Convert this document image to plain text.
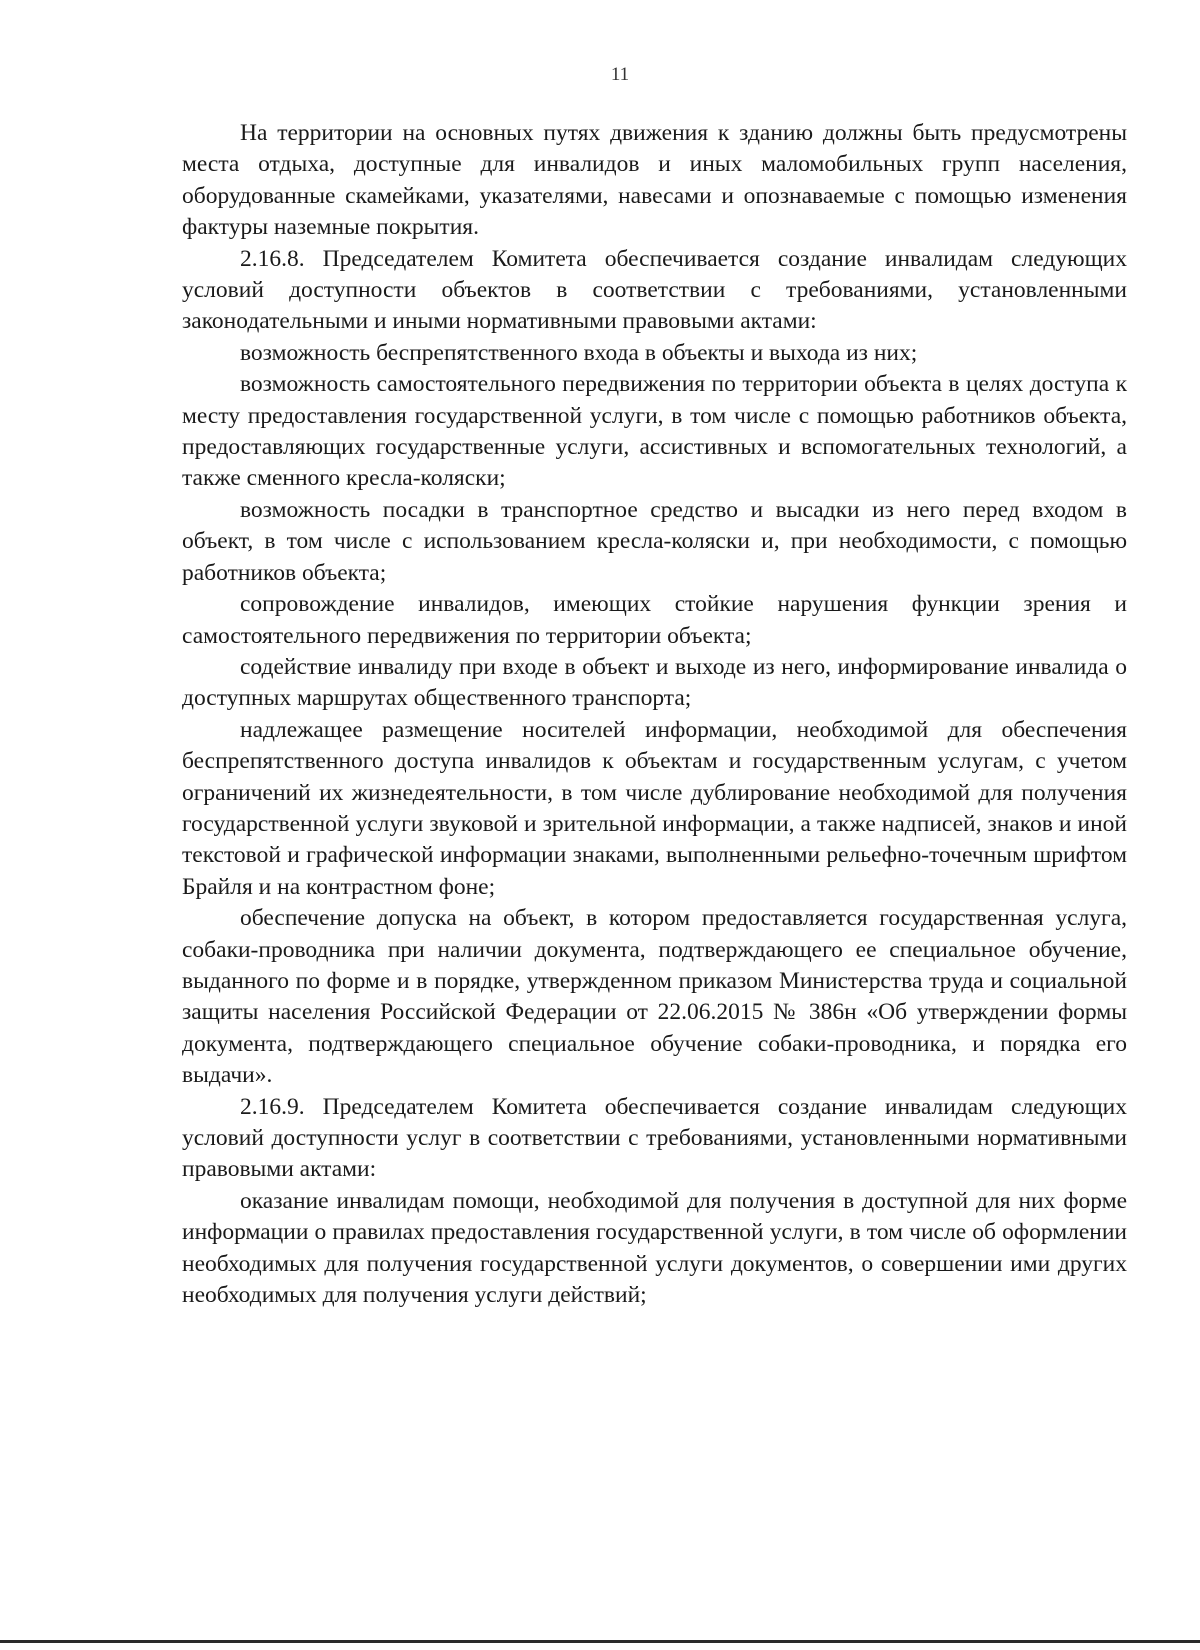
11

На территории на основных путях движения к зданию должны быть предусмотрены места отдыха, доступные для инвалидов и иных маломобильных групп населения, оборудованные скамейками, указателями, навесами и опознаваемые с помощью изменения фактуры наземные покрытия.

2.16.8. Председателем Комитета обеспечивается создание инвалидам следующих условий доступности объектов в соответствии с требованиями, установленными законодательными и иными нормативными правовыми актами:

возможность беспрепятственного входа в объекты и выхода из них;

возможность самостоятельного передвижения по территории объекта в целях доступа к месту предоставления государственной услуги, в том числе с помощью работников объекта, предоставляющих государственные услуги, ассистивных и вспомогательных технологий, а также сменного кресла-коляски;

возможность посадки в транспортное средство и высадки из него перед входом в объект, в том числе с использованием кресла-коляски и, при необходимости, с помощью работников объекта;

сопровождение инвалидов, имеющих стойкие нарушения функции зрения и самостоятельного передвижения по территории объекта;

содействие инвалиду при входе в объект и выходе из него, информирование инвалида о доступных маршрутах общественного транспорта;

надлежащее размещение носителей информации, необходимой для обеспечения беспрепятственного доступа инвалидов к объектам и государственным услугам, с учетом ограничений их жизнедеятельности, в том числе дублирование необходимой для получения государственной услуги звуковой и зрительной информации, а также надписей, знаков и иной текстовой и графической информации знаками, выполненными рельефно-точечным шрифтом Брайля и на контрастном фоне;

обеспечение допуска на объект, в котором предоставляется государственная услуга, собаки-проводника при наличии документа, подтверждающего ее специальное обучение, выданного по форме и в порядке, утвержденном приказом Министерства труда и социальной защиты населения Российской Федерации от 22.06.2015 № 386н «Об утверждении формы документа, подтверждающего специальное обучение собаки-проводника, и порядка его выдачи».

2.16.9. Председателем Комитета обеспечивается создание инвалидам следующих условий доступности услуг в соответствии с требованиями, установленными нормативными правовыми актами:

оказание инвалидам помощи, необходимой для получения в доступной для них форме информации о правилах предоставления государственной услуги, в том числе об оформлении необходимых для получения государственной услуги документов, о совершении ими других необходимых для получения услуги действий;
